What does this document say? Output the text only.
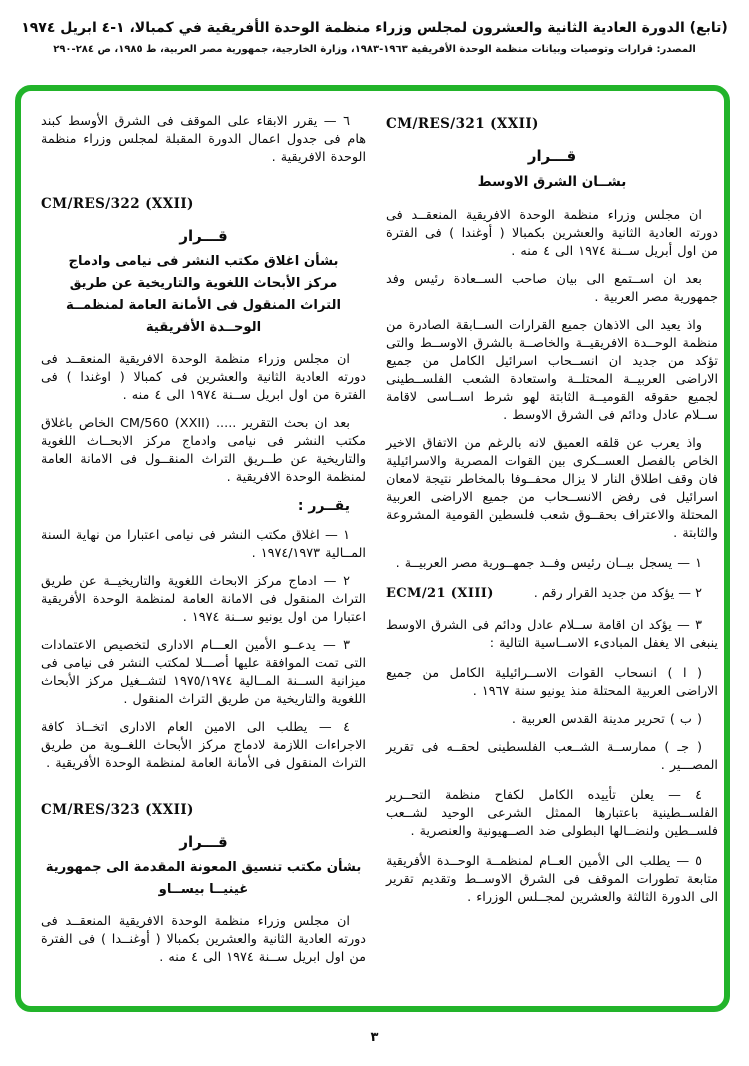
(تابع) الدورة العادية الثانية والعشرون لمجلس وزراء منظمة الوحدة الأفريقية في كمبالا، ١-٤ ابريل ١٩٧٤
المصدر: قرارات وتوصيات وبيانات منظمة الوحدة الأفريقية ١٩٦٣-١٩٨٣، وزارة الخارجية، جمهورية مصر العربية، ط ١٩٨٥، ص ٢٨٤-٢٩٠
CM/RES/321 (XXII)
قـــرار
بشــان الشرق الاوسط

ان مجلس وزراء منظمة الوحدة الافريقية المنعقــد فى دورته العادية الثانية والعشرين بكمبالا ( أوغندا ) فى الفترة من اول أبريل ســنة ١٩٧٤ الى ٤ منه .

بعد ان اســتمع الى بيان صاحب الســعادة رئيس وفد جمهورية مصر العربية .

واذ يعيد الى الاذهان جميع القرارات الســابقة الصادرة من منظمة الوحــدة الافريقيــة والخاصــة بالشرق الاوســط والتى تؤكد من جديد ان انســحاب اسرائيل الكامل من جميع الاراضى العربيــة المحتلــة واستعادة الشعب الفلســطينى لجميع حقوقه القوميــة الثابتة لهو شرط اســاسى لاقامة ســلام عادل ودائم فى الشرق الاوسط .

واذ يعرب عن قلقه العميق لانه بالرغم من الاتفاق الاخير الخاص بالفصل العســكرى بين القوات المصرية والاسرائيلية فان وقف اطلاق النار لا يزال محفــوفا بالمخاطر نتيجة لامعان اسرائيل فى رفض الانســحاب من جميع الاراضى العربية المحتلة والاعتراف بحقــوق شعب فلسطين القومية المشروعة والثابتة .

١ — يسجل بيــان رئيس وفــد جمهــورية مصر العربيــة .

٢ — يؤكد من جديد القرار رقم .
ECM/21 (XIII)

٣ — يؤكد ان اقامة ســلام عادل ودائم فى الشرق الاوسط ينبغى الا يغفل المبادىء الاســاسية التالية :

( ا ) انسحاب القوات الاســرائيلية الكامل من جميع الاراضى العربية المحتلة منذ يونيو سنة ١٩٦٧ .

( ب ) تحرير مدينة القدس العربية .

( جـ ) ممارســة الشــعب الفلسطينى لحقــه فى تقرير المصـــير .

٤ — يعلن تأييده الكامل لكفاح منظمة التحــرير الفلســطينية باعتبارها الممثل الشرعى الوحيد لشــعب فلســطين ولنضــالها البطولى ضد الصــهيونية والعنصرية .

٥ — يطلب الى الأمين العــام لمنظمــة الوحــدة الأفريقية متابعة تطورات الموقف فى الشرق الاوســط وتقديم تقرير الى الدورة الثالثة والعشرين لمجــلس الوزراء .

٦ — يقرر الابقاء على الموقف فى الشرق الأوسط كبند هام فى جدول اعمال الدورة المقبلة لمجلس وزراء منظمة الوحدة الافريقية .

CM/RES/322 (XXII)
قـــرار
بشأن اغلاق مكتب النشر فى نيامى وادماج
مركز الأبحاث اللغوية والتاريخية عن طريق
التراث المنقول فى الأمانة العامة لمنظمــة
الوحــدة الأفريقية

ان مجلس وزراء منظمة الوحدة الافريقية المنعقــد فى دورته العادية الثانية والعشرين فى كمبالا ( اوغندا ) فى الفترة من اول ابريل ســنة ١٩٧٤ الى ٤ منه .

بعد ان بحث التقرير ..... CM/560 (XXII) الخاص باغلاق مكتب النشر فى نيامى وادماج مركز الابحــاث اللغوية والتاريخية عن طــريق التراث المنقــول فى الامانة العامة لمنظمة الوحدة الافريقية .

يقــرر :

١ — اغلاق مكتب النشر فى نيامى اعتبارا من نهاية السنة المــالية ١٩٧٤/١٩٧٣ .

٢ — ادماج مركز الابحاث اللغوية والتاريخيــة عن طريق التراث المنقول فى الامانة العامة لمنظمة الوحدة الأفريقية اعتبارا من اول يونيو ســنة ١٩٧٤ .

٣ — يدعــو الأمين العـــام الادارى لتخصيص الاعتمادات التى تمت الموافقة عليها أصـــلا لمكتب النشر فى نيامى فى ميزانية الســنة المــالية ١٩٧٥/١٩٧٤ لتشــغيل مركز الأبحاث اللغوية والتاريخية من طريق التراث المنقول .

٤ — يطلب الى الامين العام الادارى اتخــاذ كافة الاجراءات اللازمة لادماج مركز الأبحاث اللغــوية من طريق التراث المنقول فى الأمانة العامة لمنظمة الوحدة الأفريقية .

CM/RES/323 (XXII)
قـــرار
بشأن مكتب تنسيق المعونة المقدمة الى جمهورية
غينيــا بيســاو

ان مجلس وزراء منظمة الوحدة الافريقية المنعقــد فى دورته العادية الثانية والعشرين بكمبالا ( أوغنــدا ) فى الفترة من اول ابريل ســنة ١٩٧٤ الى ٤ منه .

٣
